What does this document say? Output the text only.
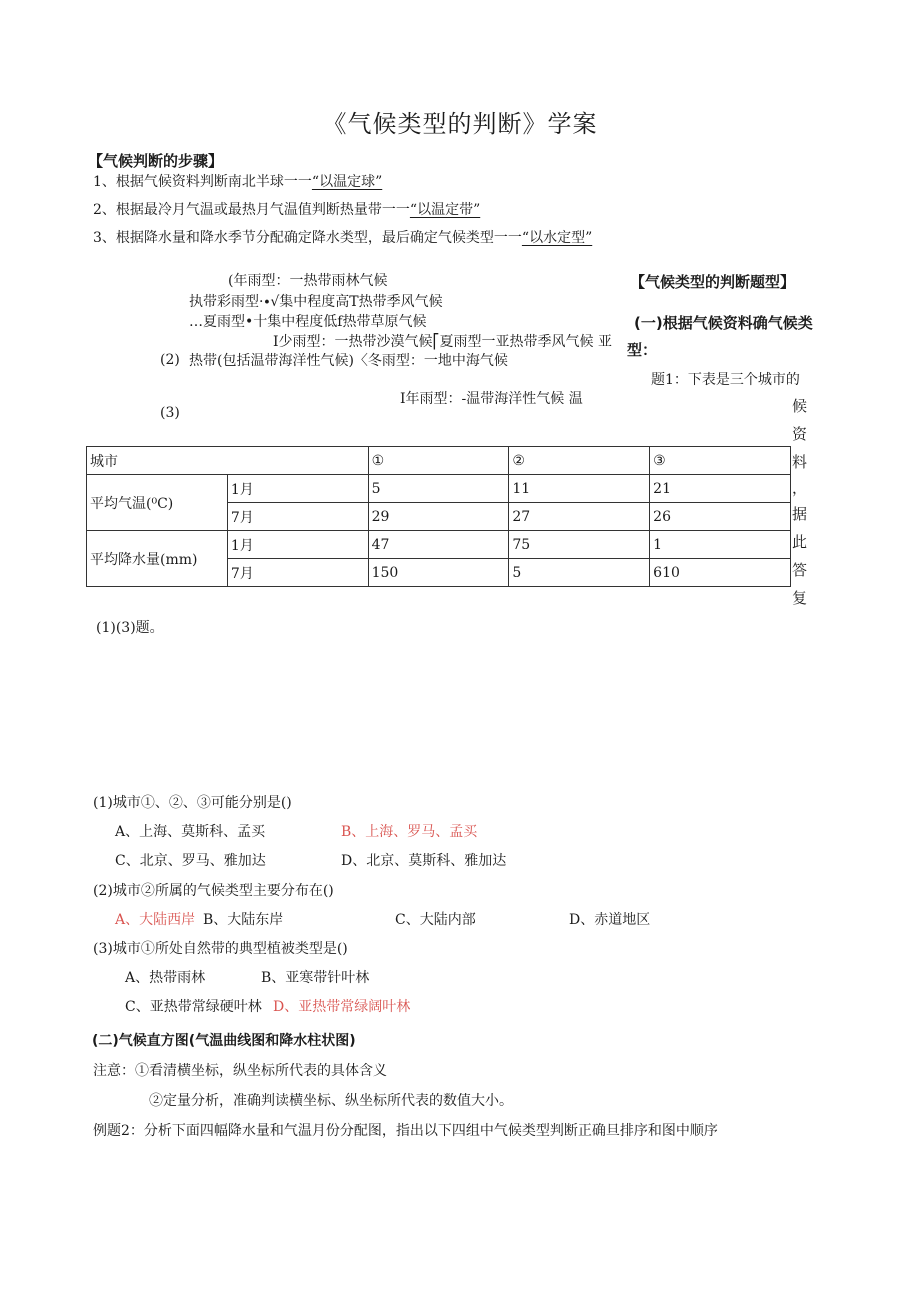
《气候类型的判断》学案
【气候判断的步骤】
1、根据气候资料判断南北半球一一“以温定球”
2、根据最冷月气温或最热月气温值判断热量带一一“以温定带”
3、根据降水量和降水季节分配确定降水类型，最后确定气候类型一一“以水定型”
(年雨型：一热带雨林气候
执带彩雨型·∙√集中程度高T热带季风气候
…夏雨型•十集中程度低f热带草原气候
I少雨型：一热带沙漠气候⎡夏雨型一亚热带季风气候 亚
(2) 热带(包括温带海洋性气候)〈冬雨型：一地中海气候
I年雨型：-温带海洋性气候 温
(3)
【气候类型的判断题型】
(一)根据气候资料确气候类
型：
题1：下表是三个城市的
候
资
料
，
据
此
答
复
城市		①	②	③
平均气温(⁰C)	1月	5	11	21
	7月	29	27	26
平均降水量(mm)	1月	47	75	1
	7月	150	5	610
(1)(3)题。
(1)城市①、②、③可能分别是()
A、上海、莫斯科、孟买	B、上海、罗马、孟买
C、北京、罗马、雅加达	D、北京、莫斯科、雅加达
(2)城市②所属的气候类型主要分布在()
A、大陆西岸 B、大陆东岸	C、大陆内部	D、赤道地区
(3)城市①所处自然带的典型植被类型是()
A、热带雨林	B、亚寒带针叶林
C、亚热带常绿硬叶林 D、亚热带常绿阔叶林
(二)气候直方图(气温曲线图和降水柱状图)
注意：①看清横坐标，纵坐标所代表的具体含义
②定量分析，准确判读横坐标、纵坐标所代表的数值大小。
例题2：分析下面四幅降水量和气温月份分配图，指出以下四组中气候类型判断正确旦排序和图中顺序
